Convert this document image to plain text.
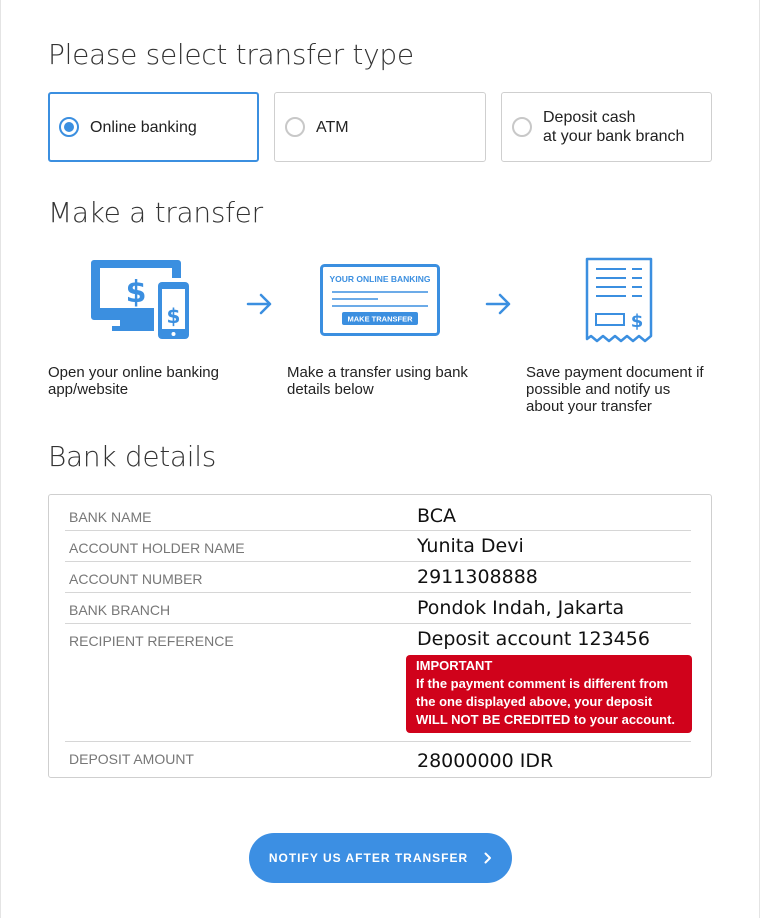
Please select transfer type
Online banking	ATM
Deposit cash
at your bank branch
Make a transfer
$
$
YOUR ONLINE BANKING
MAKE TRANSFER	$
Open your online banking
app/website
Make a transfer using bank
details below
Save payment document if
possible and notify us
about your transfer
Bank details
BANK NAME	BCA
ACCOUNT HOLDER NAME	Yunita Devi
ACCOUNT NUMBER	2911308888
BANK BRANCH	Pondok Indah, Jakarta
RECIPIENT REFERENCE	Deposit account 123456
DEPOSIT AMOUNT	28000000 IDR
IMPORTANT
If the payment comment is different from the one displayed above, your deposit WILL NOT BE CREDITED to your account.
NOTIFY US AFTER TRANSFER
